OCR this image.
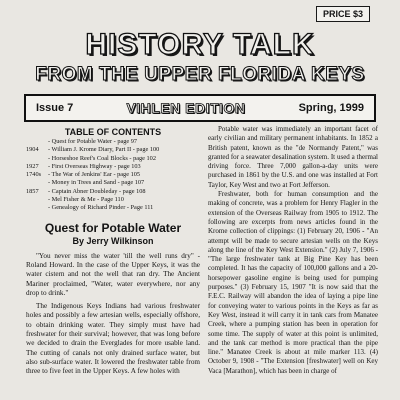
PRICE $3
HISTORY TALK
FROM THE UPPER FLORIDA KEYS
Issue 7	VIHLEN EDITION	Spring, 1999
TABLE OF CONTENTS
- Quest for Potable Water - page 97
1904	- William J. Krome Diary, Part II - page 100
- Horseshoe Reef's Coal Blocks - page 102
1927	- First Overseas Highway - page 103
1740s	- The War of Jenkins' Ear - page 105
- Money in Trees and Sand - page 107
1857	- Captain Abner Doubleday - page 108
- Mel Fisher & Me - Page 110
- Genealogy of Richard Pinder - Page 111
Quest for Potable Water
By Jerry Wilkinson

"You never miss the water 'till the well runs dry" -Roland Howard. In the case of the Upper Keys, it was the water cistern and not the well that ran dry. The Ancient Mariner proclaimed, "Water, water everywhere, nor any drop to drink."

The Indigenous Keys Indians had various freshwater holes and possibly a few artesian wells, especially offshore, to obtain drinking water. They simply must have had freshwater for their survival; however, that was long before we decided to drain the Everglades for more usable land. The cutting of canals not only drained surface water, but also sub-surface water. It lowered the freshwater table from three to five feet in the Upper Keys. A few holes with

Potable water was immediately an important facet of early civilian and military permanent inhabitants. In 1852 a British patent, known as the "de Normandy Patent," was granted for a seawater desalination system. It used a thermal driving force. Three 7,000 gallon-a-day units were purchased in 1861 by the U.S. and one was installed at Fort Taylor, Key West and two at Fort Jefferson.

Freshwater, both for human consumption and the making of concrete, was a problem for Henry Flagler in the extension of the Overseas Railway from 1905 to 1912. The following are excerpts from news articles found in the Krome collection of clippings: (1) February 20, 1906 - "An attempt will be made to secure artesian wells on the Keys along the line of the Key West Extension." (2) July 7, 1906 - "The large freshwater tank at Big Pine Key has been completed. It has the capacity of 100,000 gallons and a 20-horsepower gasoline engine is being used for pumping purposes." (3) February 15, 1907 "It is now said that the F.E.C. Railway will abandon the idea of laying a pipe line for conveying water to various points in the Keys as far as Key West, instead it will carry it in tank cars from Manatee Creek, where a pumping station has been in operation for some time. The supply of water at this point is unlimited, and the tank car method is more practical than the pipe line." Manatee Creek is about at mile marker 113. (4) October 9, 1908 - "The Extension [freshwater] well on Key Vaca [Marathon], which has been in charge of
